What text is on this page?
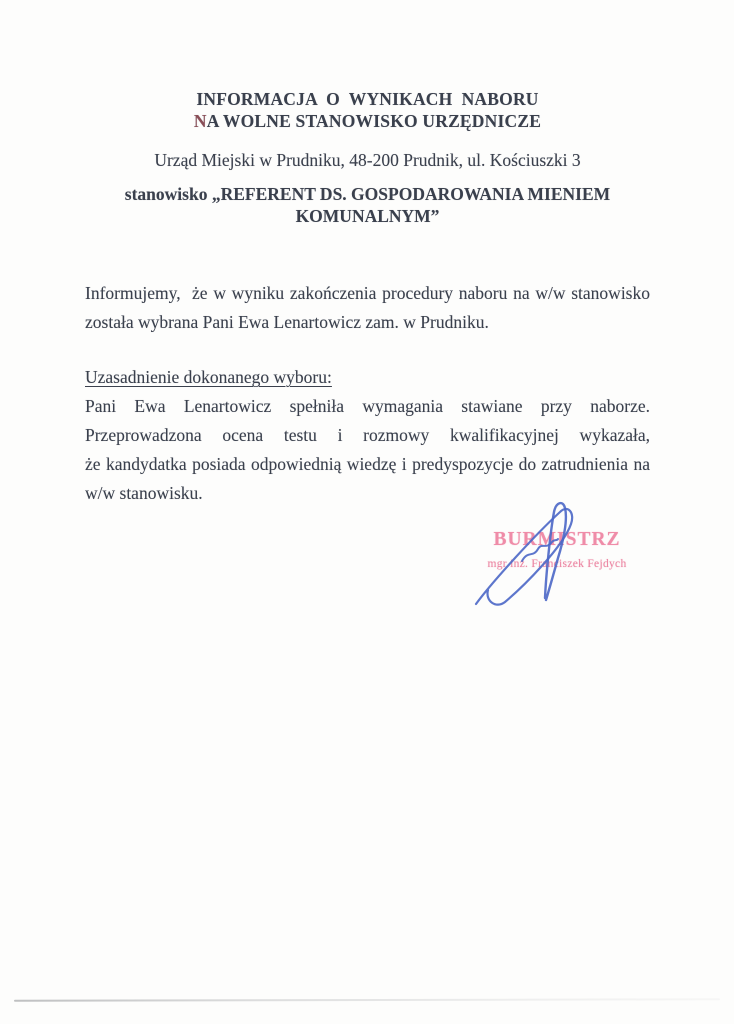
INFORMACJA  O  WYNIKACH  NABORU
NA WOLNE STANOWISKO URZĘDNICZE
Urząd Miejski w Prudniku, 48-200 Prudnik, ul. Kościuszki 3
stanowisko „REFERENT DS. GOSPODAROWANIA MIENIEM
KOMUNALNYM”
Informujemy,  że w wyniku zakończenia procedury naboru na w/w stanowisko
została wybrana Pani Ewa Lenartowicz zam. w Prudniku.
Uzasadnienie dokonanego wyboru:
Pani Ewa Lenartowicz spełniła wymagania stawiane przy naborze.
Przeprowadzona ocena testu i rozmowy kwalifikacyjnej wykazała,
że kandydatka posiada odpowiednią wiedzę i predyspozycje do zatrudnienia na
w/w stanowisku.
BURMISTRZ
mgr inż. Franciszek Fejdych
